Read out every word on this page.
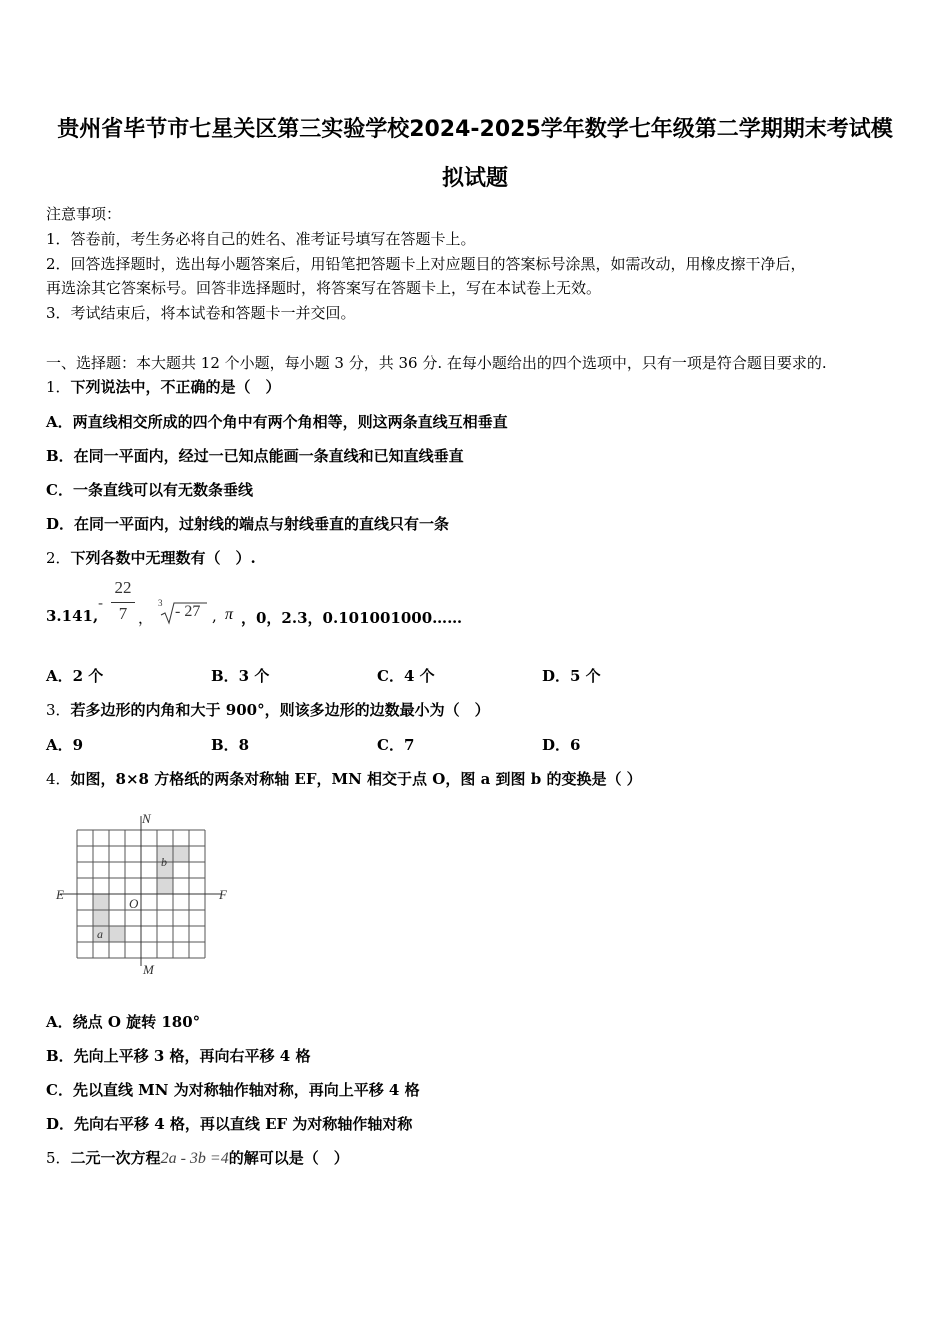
贵州省毕节市七星关区第三实验学校2024-2025学年数学七年级第二学期期末考试模
拟试题
注意事项：
1．答卷前，考生务必将自己的姓名、准考证号填写在答题卡上。
2．回答选择题时，选出每小题答案后，用铅笔把答题卡上对应题目的答案标号涂黑，如需改动，用橡皮擦干净后，
再选涂其它答案标号。回答非选择题时，将答案写在答题卡上，写在本试卷上无效。
3．考试结束后，将本试卷和答题卡一并交回。
一、选择题：本大题共 12 个小题，每小题 3 分，共 36 分. 在每小题给出的四个选项中，只有一项是符合题目要求的.
1．下列说法中，不正确的是（　）
A．两直线相交所成的四个角中有两个角相等，则这两条直线互相垂直
B．在同一平面内，经过一已知点能画一条直线和已知直线垂直
C．一条直线可以有无数条垂线
D．在同一平面内，过射线的端点与射线垂直的直线只有一条
2．下列各数中无理数有（　）.
3.141,
-
22
7 ，
3 - 27 , π ，0，2.3，0.101001000……
A．2 个	B．3 个	C．4 个	D．5 个
3．若多边形的内角和大于 900°，则该多边形的边数最小为（　）
A．9	B．8	C．7	D．6
4．如图，8×8 方格纸的两条对称轴 EF，MN 相交于点 O，图 a 到图 b 的变换是（ ）
N
M
E	F
O
a
b
A．绕点 O 旋转 180°
B．先向上平移 3 格，再向右平移 4 格
C．先以直线 MN 为对称轴作轴对称，再向上平移 4 格
D．先向右平移 4 格，再以直线 EF 为对称轴作轴对称
5．二元一次方程2a - 3b =4的解可以是（　）
